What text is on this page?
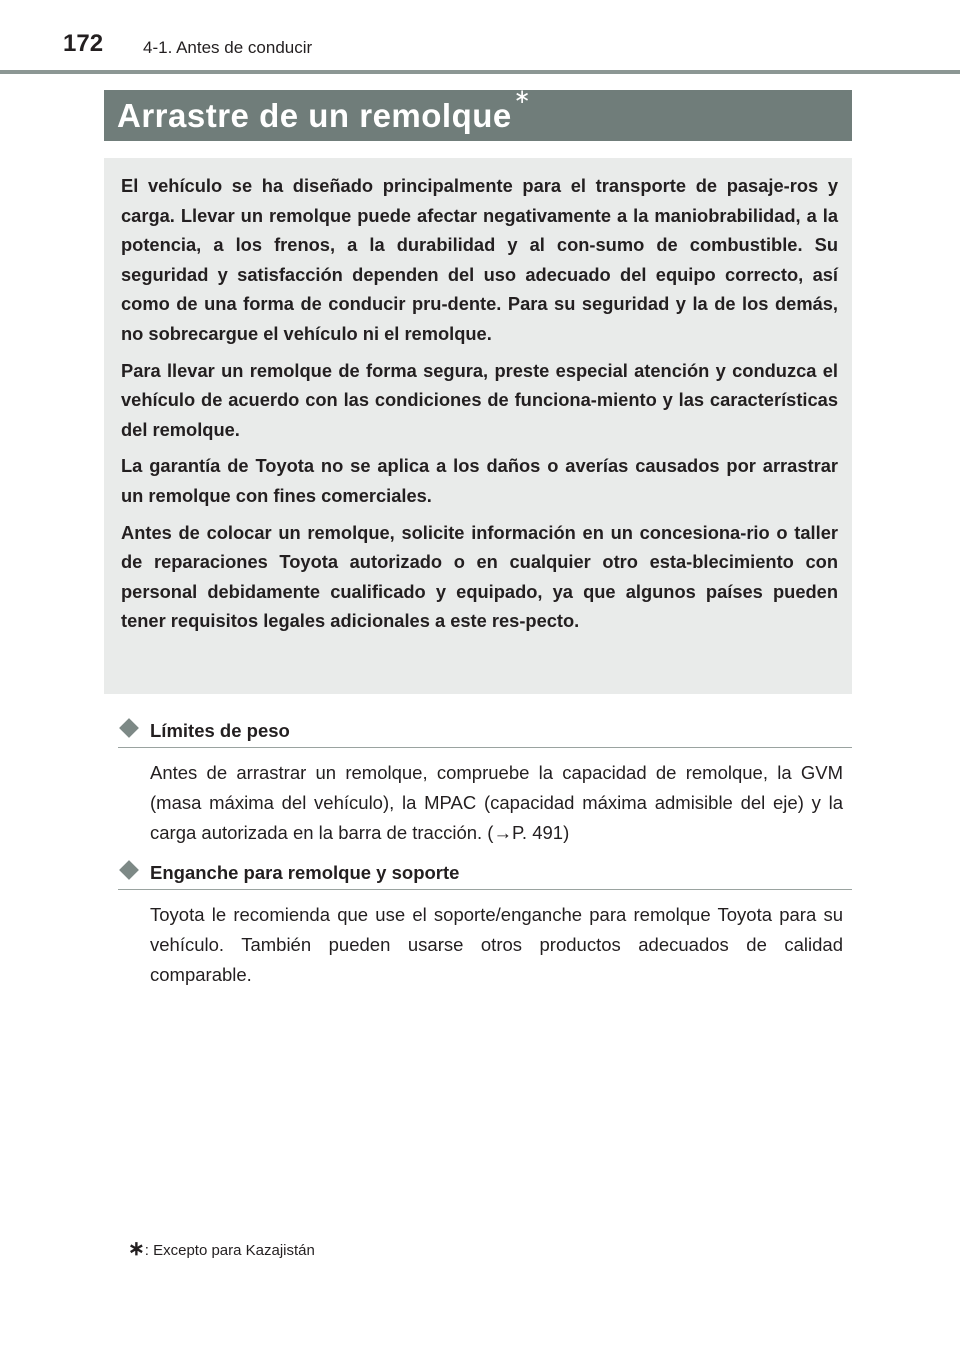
172 4-1. Antes de conducir
Arrastre de un remolque ∗

El vehículo se ha diseñado principalmente para el transporte de pasaje-ros y carga. Llevar un remolque puede afectar negativamente a la maniobrabilidad, a la potencia, a los frenos, a la durabilidad y al con-sumo de combustible. Su seguridad y satisfacción dependen del uso adecuado del equipo correcto, así como de una forma de conducir pru-dente. Para su seguridad y la de los demás, no sobrecargue el vehículo ni el remolque.

Para llevar un remolque de forma segura, preste especial atención y conduzca el vehículo de acuerdo con las condiciones de funciona-miento y las características del remolque.

La garantía de Toyota no se aplica a los daños o averías causados por arrastrar un remolque con fines comerciales.

Antes de colocar un remolque, solicite información en un concesiona-rio o taller de reparaciones Toyota autorizado o en cualquier otro esta-blecimiento con personal debidamente cualificado y equipado, ya que algunos países pueden tener requisitos legales adicionales a este res-pecto.

Límites de peso

Antes de arrastrar un remolque, compruebe la capacidad de remolque, la GVM (masa máxima del vehículo), la MPAC (capacidad máxima admisible del eje) y la carga autorizada en la barra de tracción. (→P. 491)

Enganche para remolque y soporte

Toyota le recomienda que use el soporte/enganche para remolque Toyota para su vehículo. También pueden usarse otros productos adecuados de calidad comparable.

∗: Excepto para Kazajistán
